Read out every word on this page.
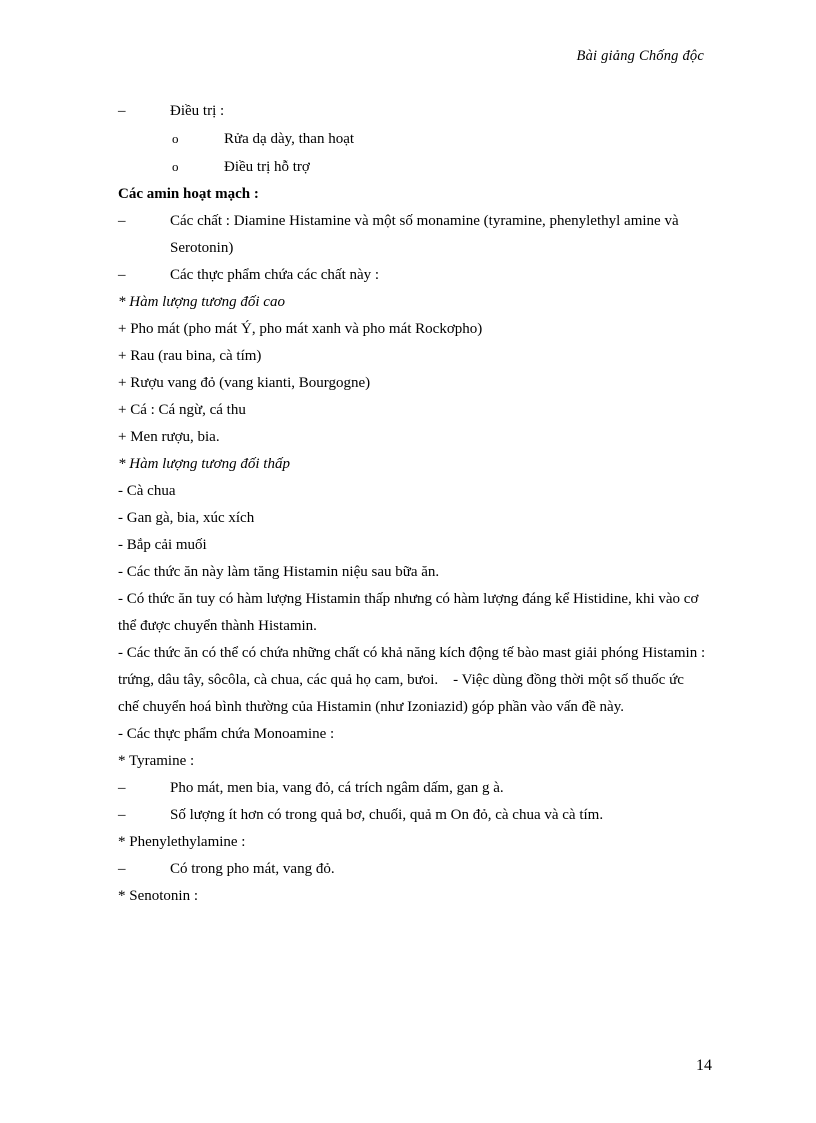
Bài giảng Chống độc
– Điều trị :
o Rửa dạ dày, than hoạt
o Điều trị hỗ trợ
Các amin hoạt mạch :
– Các chất : Diamine Histamine và một số monamine (tyramine, phenylethyl amine và Serotonin)
– Các thực phẩm chứa các chất này :
* Hàm lượng tương đối cao
+ Pho mát (pho mát Ý, pho mát xanh và pho mát Rockơpho)
+ Rau (rau bina, cà tím)
+ Rượu vang đỏ (vang kianti, Bourgogne)
+ Cá : Cá ngừ, cá thu
+ Men rượu, bia.
* Hàm lượng tương đối thấp
- Cà chua
- Gan gà, bia, xúc xích
- Bắp cải muối
- Các thức ăn này làm tăng Histamin niệu sau bữa ăn.
- Có thức ăn tuy có hàm lượng Histamin thấp nhưng có hàm lượng đáng kể Histidine, khi vào cơ thể được chuyển thành Histamin.
- Các thức ăn có thể có chứa những chất có khả năng kích động tế bào mast giải phóng Histamin : trứng, dâu tây, sôcôla, cà chua, các quả họ cam, bưoi.    - Việc dùng đồng thời một số thuốc ức chế chuyển hoá bình thường của Histamin (như Izoniazid) góp phần vào vấn đề này.
- Các thực phẩm chứa Monoamine :
* Tyramine :
– Pho mát, men bia, vang đỏ, cá trích ngâm dấm, gan g à.
– Số lượng ít hơn có trong quả bơ, chuối, quả m On đỏ, cà chua và cà tím.
* Phenylethylamine :
– Có trong pho mát, vang đỏ.
* Senotonin :
14
